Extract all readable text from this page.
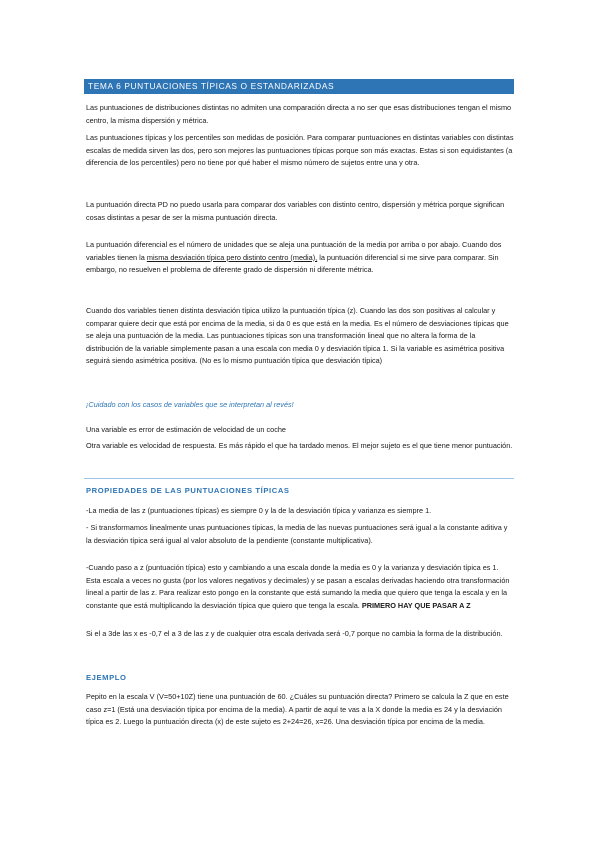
TEMA 6 PUNTUACIONES TÍPICAS O ESTANDARIZADAS

Las puntuaciones de distribuciones distintas no admiten una comparación directa a no ser que esas distribuciones tengan el mismo centro, la misma dispersión y métrica.

Las puntuaciones típicas y los percentiles son medidas de posición. Para comparar puntuaciones en distintas variables con distintas escalas de medida sirven las dos, pero son mejores las puntuaciones típicas porque son más exactas. Estas si son equidistantes (a diferencia de los percentiles) pero no tiene por qué haber el mismo número de sujetos entre una y otra.

La puntuación directa PD no puedo usarla para comparar dos variables con distinto centro, dispersión y métrica porque significan cosas distintas a pesar de ser la misma puntuación directa.

La puntuación diferencial es el número de unidades que se aleja una puntuación de la media por arriba o por abajo. Cuando dos variables tienen la misma desviación típica pero distinto centro (media), la puntuación diferencial si me sirve para comparar. Sin embargo, no resuelven el problema de diferente grado de dispersión ni diferente métrica.

Cuando dos variables tienen distinta desviación típica utilizo la puntuación típica (z). Cuando las dos son positivas al calcular y comparar quiere decir que está por encima de la media, si da 0 es que está en la media. Es el número de desviaciones típicas que se aleja una puntuación de la media. Las puntuaciones típicas son una transformación lineal que no altera la forma de la distribución de la variable simplemente pasan a una escala con media 0 y desviación típica 1. Si la variable es asimétrica positiva seguirá siendo asimétrica positiva. (No es lo mismo puntuación típica que desviación típica)

¡Cuidado con los casos de variables que se interpretan al revés!

Una variable es error de estimación de velocidad de un coche

Otra variable es velocidad de respuesta. Es más rápido el que ha tardado menos. El mejor sujeto es el que tiene menor puntuación.

PROPIEDADES DE LAS PUNTUACIONES TÍPICAS

-La media de las z (puntuaciones típicas) es siempre 0 y la de la desviación típica y varianza es siempre 1.

- Si transformamos linealmente unas puntuaciones típicas, la media de las nuevas puntuaciones será igual a la constante aditiva y la desviación típica será igual al valor absoluto de la pendiente (constante multiplicativa).

-Cuando paso a z (puntuación típica) esto y cambiando a una escala donde la media es 0 y la varianza y desviación típica es 1. Esta escala a veces no gusta (por los valores negativos y decimales) y se pasan a escalas derivadas haciendo otra transformación lineal a partir de las z. Para realizar esto pongo en la constante que está sumando la media que quiero que tenga la escala y en la constante que está multiplicando la desviación típica que quiero que tenga la escala. PRIMERO HAY QUE PASAR A Z

Si el a 3de las x es -0,7 el a 3 de las z y de cualquier otra escala derivada será -0,7 porque no cambia la forma de la distribución.

EJEMPLO

Pepito en la escala V (V=50+10Z) tiene una puntuación de 60. ¿Cuáles su puntuación directa? Primero se calcula la Z que en este caso z=1 (Está una desviación típica por encima de la media). A partir de aquí te vas a la X donde la media es 24 y la desviación típica es 2. Luego la puntuación directa (x) de este sujeto es 2+24=26, x=26. Una desviación típica por encima de la media.
